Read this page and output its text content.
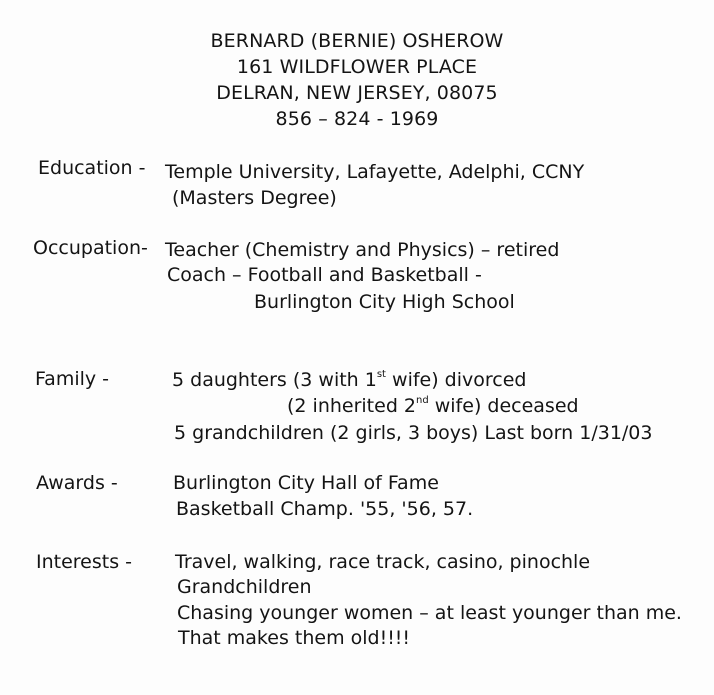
BERNARD (BERNIE) OSHEROW
161 WILDFLOWER PLACE
DELRAN, NEW JERSEY, 08075
856 – 824 - 1969
Education - Temple University, Lafayette, Adelphi, CCNY
(Masters Degree)
Occupation- Teacher (Chemistry and Physics) – retired
Coach – Football and Basketball -
Burlington City High School
Family -	5 daughters (3 with 1st wife) divorced
(2 inherited 2nd wife) deceased
5 grandchildren (2 girls, 3 boys) Last born 1/31/03
Awards -	Burlington City Hall of Fame
Basketball Champ. '55, '56, 57.
Interests - Travel, walking, race track, casino, pinochle
Grandchildren
Chasing younger women – at least younger than me.
That makes them old!!!!
